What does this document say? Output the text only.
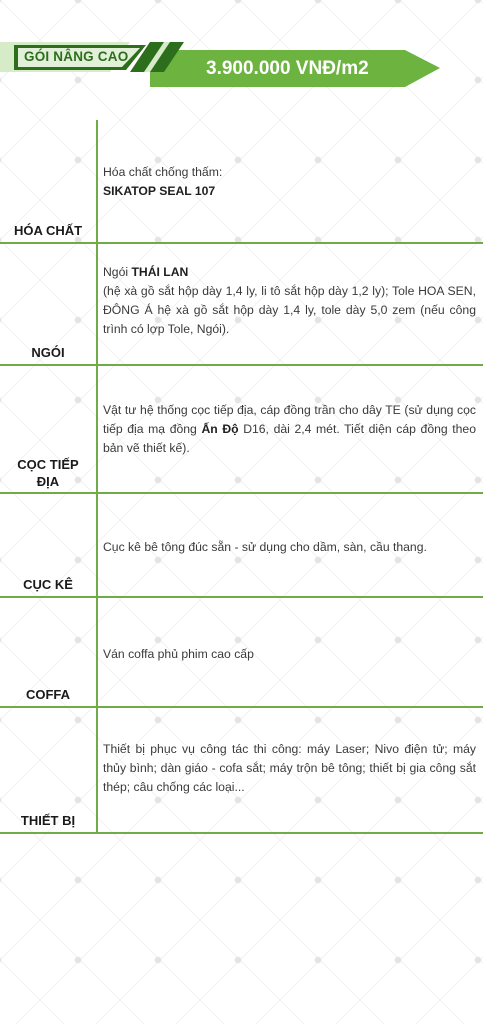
GÓI NÂNG CAO
3.900.000 VNĐ/m2
Hóa chất chống thấm:
SIKATOP SEAL 107
HÓA CHẤT
Ngói THÁI LAN
(hệ xà gồ sắt hộp dày 1,4 ly, li tô sắt hộp dày 1,2 ly); Tole HOA SEN, ĐÔNG Á hệ xà gồ sắt hộp dày 1,4 ly, tole dày 5,0 zem (nếu công trình có lợp Tole, Ngói).
NGÓI
Vật tư hệ thống cọc tiếp địa, cáp đồng trần cho dây TE (sử dụng cọc tiếp địa mạ đồng Ấn Độ D16, dài 2,4 mét. Tiết diện cáp đồng theo bản vẽ thiết kế).
CỌC TIẾP
ĐỊA
Cục kê bê tông đúc sẵn - sử dụng cho dầm, sàn, cầu thang.
CỤC KÊ
Ván coffa phủ phim cao cấp
COFFA
Thiết bị phục vụ công tác thi công: máy Laser; Nivo điện tử; máy thủy bình; dàn giáo - cofa sắt; máy trộn bê tông; thiết bị gia công sắt thép; câu chống các loại...
THIẾT BỊ
